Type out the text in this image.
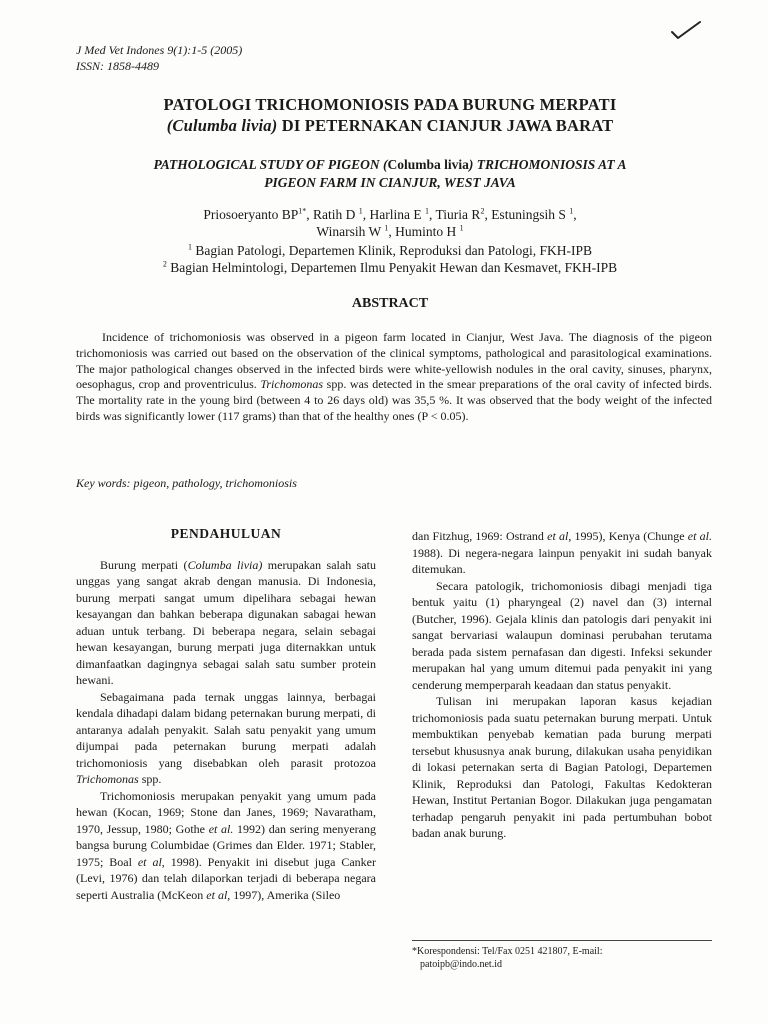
J Med Vet Indones 9(1):1-5 (2005)
ISSN: 1858-4489
PATOLOGI TRICHOMONIOSIS PADA BURUNG MERPATI
(Culumba livia) DI PETERNAKAN CIANJUR JAWA BARAT
PATHOLOGICAL STUDY OF PIGEON (Columba livia) TRICHOMONIOSIS AT A
PIGEON FARM IN CIANJUR, WEST JAVA
Priosoeryanto $BP^{1*}$, Ratih D $^1$, Harlina E $^1$, Tiuria $R^2$, Estuningsih S $^1$,
Winarsih W $^1$, Huminto H $^1$
$^1$ Bagian Patologi, Departemen Klinik, Reproduksi dan Patologi, FKH-IPB
$^2$ Bagian Helmintologi, Departemen Ilmu Penyakit Hewan dan Kesmavet, FKH-IPB
ABSTRACT
Incidence of trichomoniosis was observed in a pigeon farm located in Cianjur, West Java. The diagnosis of the pigeon trichomoniosis was carried out based on the observation of the clinical symptoms, pathological and parasitological examinations. The major pathological changes observed in the infected birds were white-yellowish nodules in the oral cavity, sinuses, pharynx, oesophagus, crop and proventriculus. Trichomonas spp. was detected in the smear preparations of the oral cavity of infected birds. The mortality rate in the young bird (between 4 to 26 days old) was 35,5 %. It was observed that the body weight of the infected birds was significantly lower (117 grams) than that of the healthy ones (P < 0.05).
Key words: pigeon, pathology, trichomoniosis
PENDAHULUAN

Burung merpati (Columba livia) merupakan salah satu unggas yang sangat akrab dengan manusia. Di Indonesia, burung merpati sangat umum dipelihara sebagai hewan kesayangan dan bahkan beberapa digunakan sabagai hewan aduan untuk terbang. Di beberapa negara, selain sebagai hewan kesayangan, burung merpati juga diternakkan untuk dimanfaatkan dagingnya sebagai salah satu sumber protein hewani.

Sebagaimana pada ternak unggas lainnya, berbagai kendala dihadapi dalam bidang peternakan burung merpati, di antaranya adalah penyakit. Salah satu penyakit yang umum dijumpai pada peternakan burung merpati adalah trichomoniosis yang disebabkan oleh parasit protozoa Trichomonas spp.

Trichomoniosis merupakan penyakit yang umum pada hewan (Kocan, 1969; Stone dan Janes, 1969; Navaratham, 1970, Jessup, 1980; Gothe et al. 1992) dan sering menyerang bangsa burung Columbidae (Grimes dan Elder. 1971; Stabler, 1975; Boal et al, 1998). Penyakit ini disebut juga Canker (Levi, 1976) dan telah dilaporkan terjadi di beberapa negara seperti Australia (McKeon et al, 1997), Amerika (Sileo

dan Fitzhug, 1969: Ostrand et al, 1995), Kenya (Chunge et al. 1988). Di negera-negara lainpun penyakit ini sudah banyak ditemukan.

Secara patologik, trichomoniosis dibagi menjadi tiga bentuk yaitu (1) pharyngeal (2) navel dan (3) internal (Butcher, 1996). Gejala klinis dan patologis dari penyakit ini sangat bervariasi walaupun dominasi perubahan terutama berada pada sistem pernafasan dan digesti. Infeksi sekunder merupakan hal yang umum ditemui pada penyakit ini yang cenderung memperparah keadaan dan status penyakit.

Tulisan ini merupakan laporan kasus kejadian trichomoniosis pada suatu peternakan burung merpati. Untuk membuktikan penyebab kematian pada burung merpati tersebut khususnya anak burung, dilakukan usaha penyidikan di lokasi peternakan serta di Bagian Patologi, Departemen Klinik, Reproduksi dan Patologi, Fakultas Kedokteran Hewan, Institut Pertanian Bogor. Dilakukan juga pengamatan terhadap pengaruh penyakit ini pada pertumbuhan bobot badan anak burung.

*Korespondensi: Tel/Fax 0251 421807, E-mail:
patoipb@indo.net.id
